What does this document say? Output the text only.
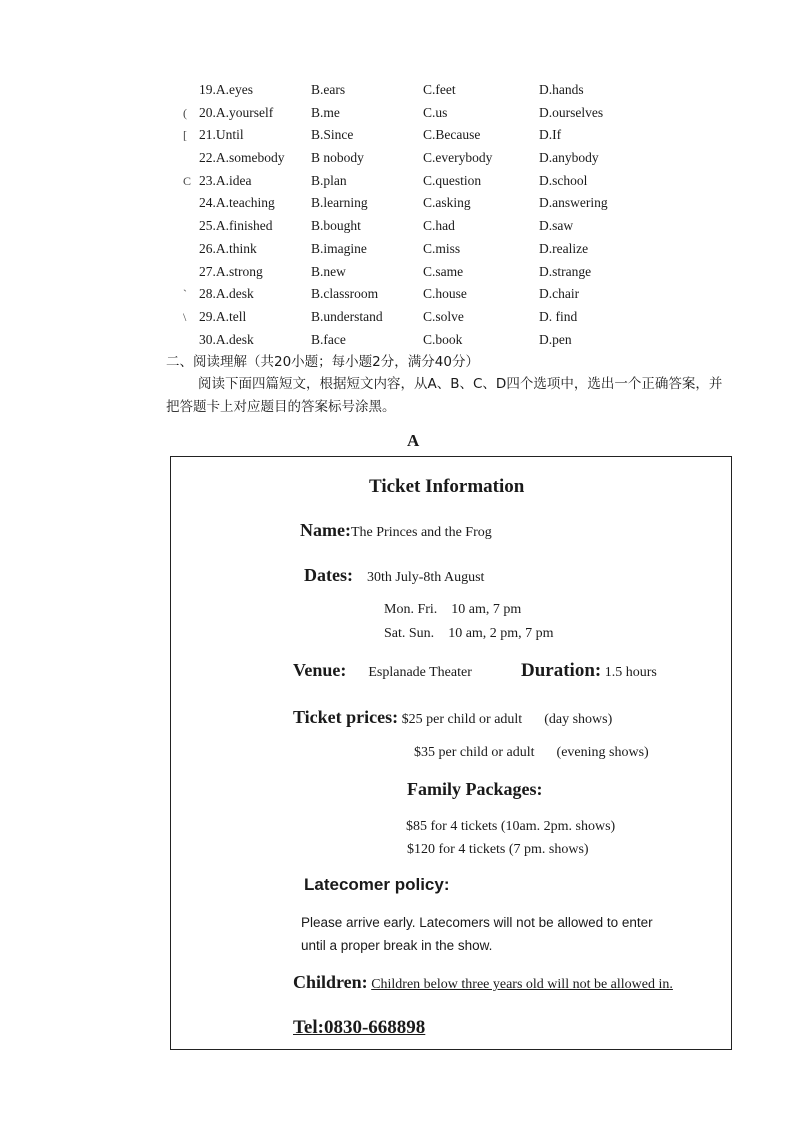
19.A.eyes	B.ears	C.feet	D.hands
( 20.A.yourself	B.me	C.us	D.ourselves
[ 21.Until	B.Since	C.Because	D.If
22.A.somebody B nobody	C.everybody	D.anybody
C 23.A.idea	B.plan	C.question	D.school
24.A.teaching	B.learning	C.asking	D.answering
25.A.finished	B.bought	C.had	D.saw
26.A.think	B.imagine	C.miss	D.realize
27.A.strong	B.new	C.same	D.strange
` 28.A.desk	B.classroom	C.house	D.chair
\ 29.A.tell	B.understand	C.solve	D. find
30.A.desk	B.face	C.book	D.pen
二、阅读理解（共20小题；每小题2分，满分40分）
阅读下面四篇短文，根据短文内容，从A、B、C、D四个选项中，选出一个正确答案，并
把答题卡上对应题目的答案标号涂黑。
A
Ticket Information
Name:The Princes and the Frog
Dates: 30th July-8th August
Mon. Fri. 10 am, 7 pm
Sat. Sun. 10 am, 2 pm, 7 pm
Venue: Esplanade Theater	Duration: 1.5 hours
Ticket prices: $25 per child or adult (day shows)
$35 per child or adult (evening shows)
Family Packages:
$85 for 4 tickets (10am. 2pm. shows)
$120 for 4 tickets (7 pm. shows)
Latecomer policy:
Please arrive early. Latecomers will not be allowed to enter
until a proper break in the show.
Children: Children below three years old will not be allowed in.
Tel:0830-668898
